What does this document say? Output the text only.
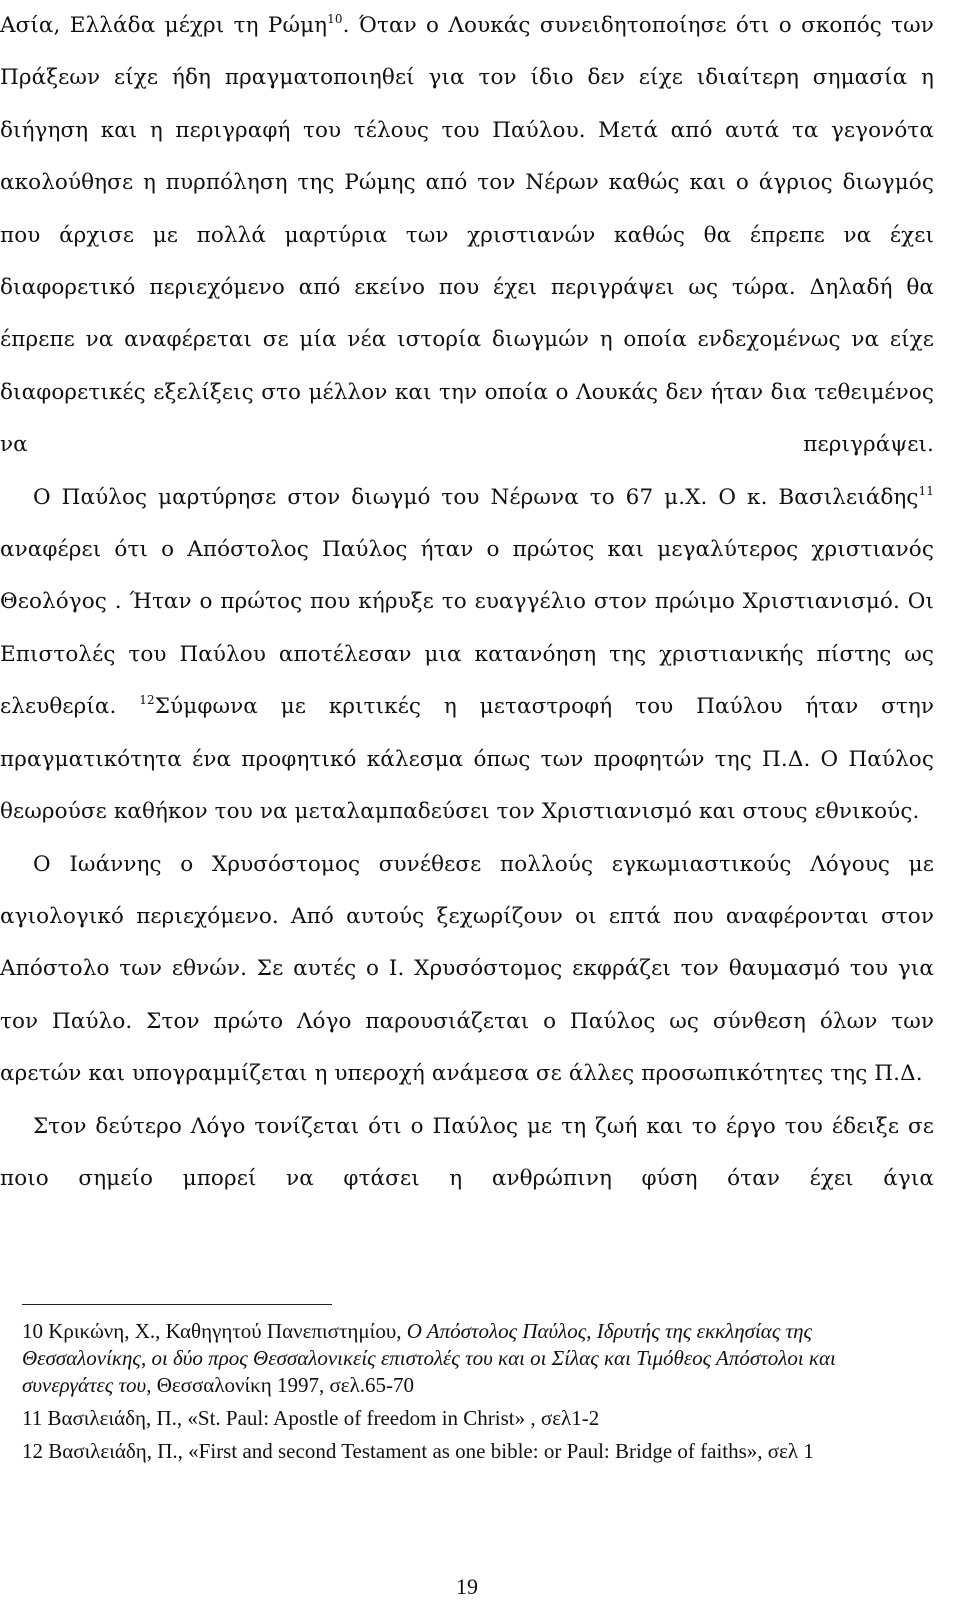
Ασία, Ελλάδα μέχρι τη Ρώμη$^{10}$. Όταν ο Λουκάς συνειδητοποίησε ότι ο σκοπός των Πράξεων είχε ήδη πραγματοποιηθεί για τον ίδιο δεν είχε ιδιαίτερη σημασία η διήγηση και η περιγραφή του τέλους του Παύλου. Μετά από αυτά τα γεγονότα ακολούθησε η πυρπόληση της Ρώμης από τον Νέρων καθώς και ο άγριος διωγμός που άρχισε με πολλά μαρτύρια των χριστιανών καθώς θα έπρεπε να έχει διαφορετικό περιεχόμενο από εκείνο που έχει περιγράψει ως τώρα. Δηλαδή θα έπρεπε να αναφέρεται σε μία νέα ιστορία διωγμών η οποία ενδεχομένως να είχε διαφορετικές εξελίξεις στο μέλλον και την οποία ο Λουκάς δεν ήταν δια τεθειμένος να περιγράψει.

Ο Παύλος μαρτύρησε στον διωγμό του Νέρωνα το 67 μ.Χ. Ο κ. Βασιλειάδης$^{11}$ αναφέρει ότι ο Απόστολος Παύλος ήταν ο πρώτος και μεγαλύτερος χριστιανός Θεολόγος . Ήταν ο πρώτος που κήρυξε το ευαγγέλιο στον πρώιμο Χριστιανισμό. Οι Επιστολές του Παύλου αποτέλεσαν μια κατανόηση της χριστιανικής πίστης ως ελευθερία. $^{12}$Σύμφωνα με κριτικές η μεταστροφή του Παύλου ήταν στην πραγματικότητα ένα προφητικό κάλεσμα όπως των προφητών της Π.Δ. Ο Παύλος θεωρούσε καθήκον του να μεταλαμπαδεύσει τον Χριστιανισμό και στους εθνικούς.

Ο Ιωάννης ο Χρυσόστομος συνέθεσε πολλούς εγκωμιαστικούς Λόγους με αγιολογικό περιεχόμενο. Από αυτούς ξεχωρίζουν οι επτά που αναφέρονται στον Απόστολο των εθνών. Σε αυτές ο Ι. Χρυσόστομος εκφράζει τον θαυμασμό του για τον Παύλο. Στον πρώτο Λόγο παρουσιάζεται ο Παύλος ως σύνθεση όλων των αρετών και υπογραμμίζεται η υπεροχή ανάμεσα σε άλλες προσωπικότητες της Π.Δ.

Στον δεύτερο Λόγο τονίζεται ότι ο Παύλος με τη ζωή και το έργο του έδειξε σε ποιο σημείο μπορεί να φτάσει η ανθρώπινη φύση όταν έχει άγια

10 Κρικώνη, Χ., Καθηγητού Πανεπιστημίου, Ο Απόστολος Παύλος, Ιδρυτής της εκκλησίας της Θεσσαλονίκης, οι δύο προς Θεσσαλονικείς επιστολές του και οι Σίλας και Τιμόθεος Απόστολοι και συνεργάτες του, Θεσσαλονίκη 1997, σελ.65-70

11 Βασιλειάδη, Π., «St. Paul: Apostle of freedom in Christ» , σελ1-2

12 Βασιλειάδη, Π., «First and second Testament as one bible: or Paul: Bridge of faiths», σελ 1

19
